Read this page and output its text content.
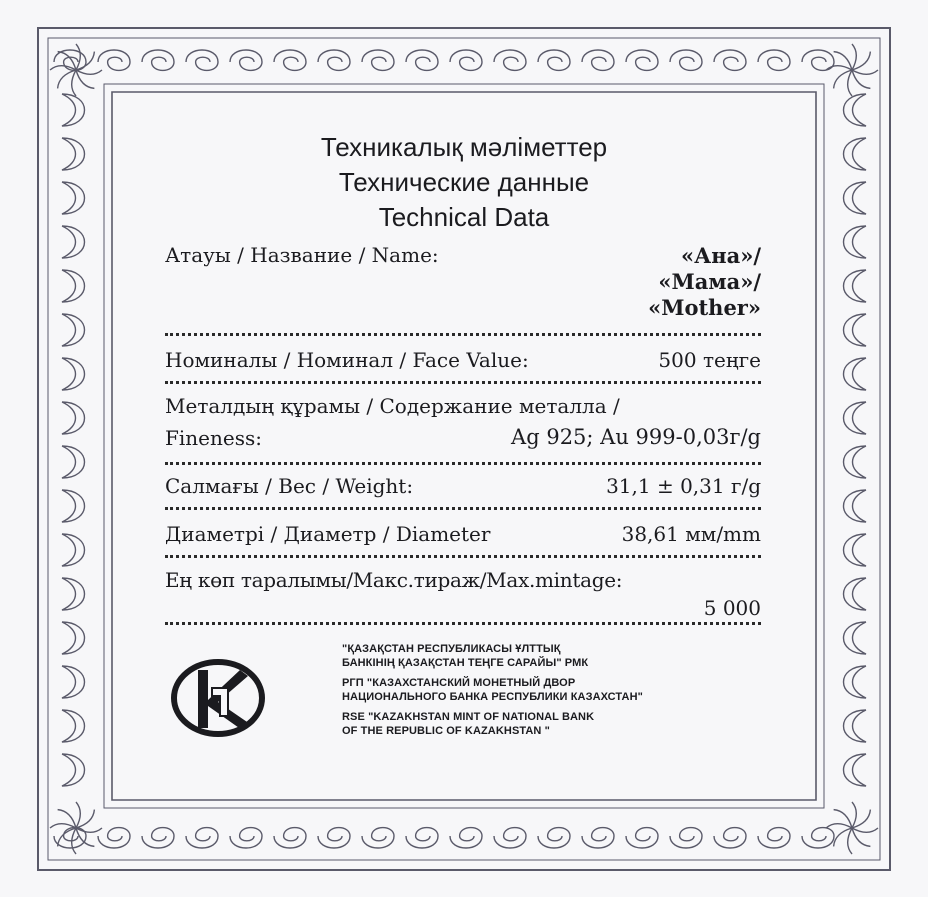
Техникалық мәліметтер
Технические данные
Technical Data
Атауы / Название / Name:	«Ана»/
«Мама»/
«Mother»
Номиналы / Номинал / Face Value:	500 теңге
Металдың құрамы / Содержание металла /
Fineness:	Ag 925; Au 999-0,03г/g
Салмағы / Вес / Weight:	31,1 ± 0,31 г/g
Диаметрі / Диаметр / Diameter	38,61 мм/mm
Ең көп таралымы/Макс.тираж/Max.mintage:
5 000
"ҚАЗАҚСТАН РЕСПУБЛИКАСЫ ҰЛТТЫҚ
БАНКІНІҢ ҚАЗАҚСТАН ТЕҢГЕ САРАЙЫ" РМК
РГП "КАЗАХСТАНСКИЙ МОНЕТНЫЙ ДВОР
НАЦИОНАЛЬНОГО БАНКА РЕСПУБЛИКИ КАЗАХСТАН"
RSE "KAZAKHSTAN MINT OF NATIONAL BANK
OF THE REPUBLIC OF KAZAKHSTAN "
